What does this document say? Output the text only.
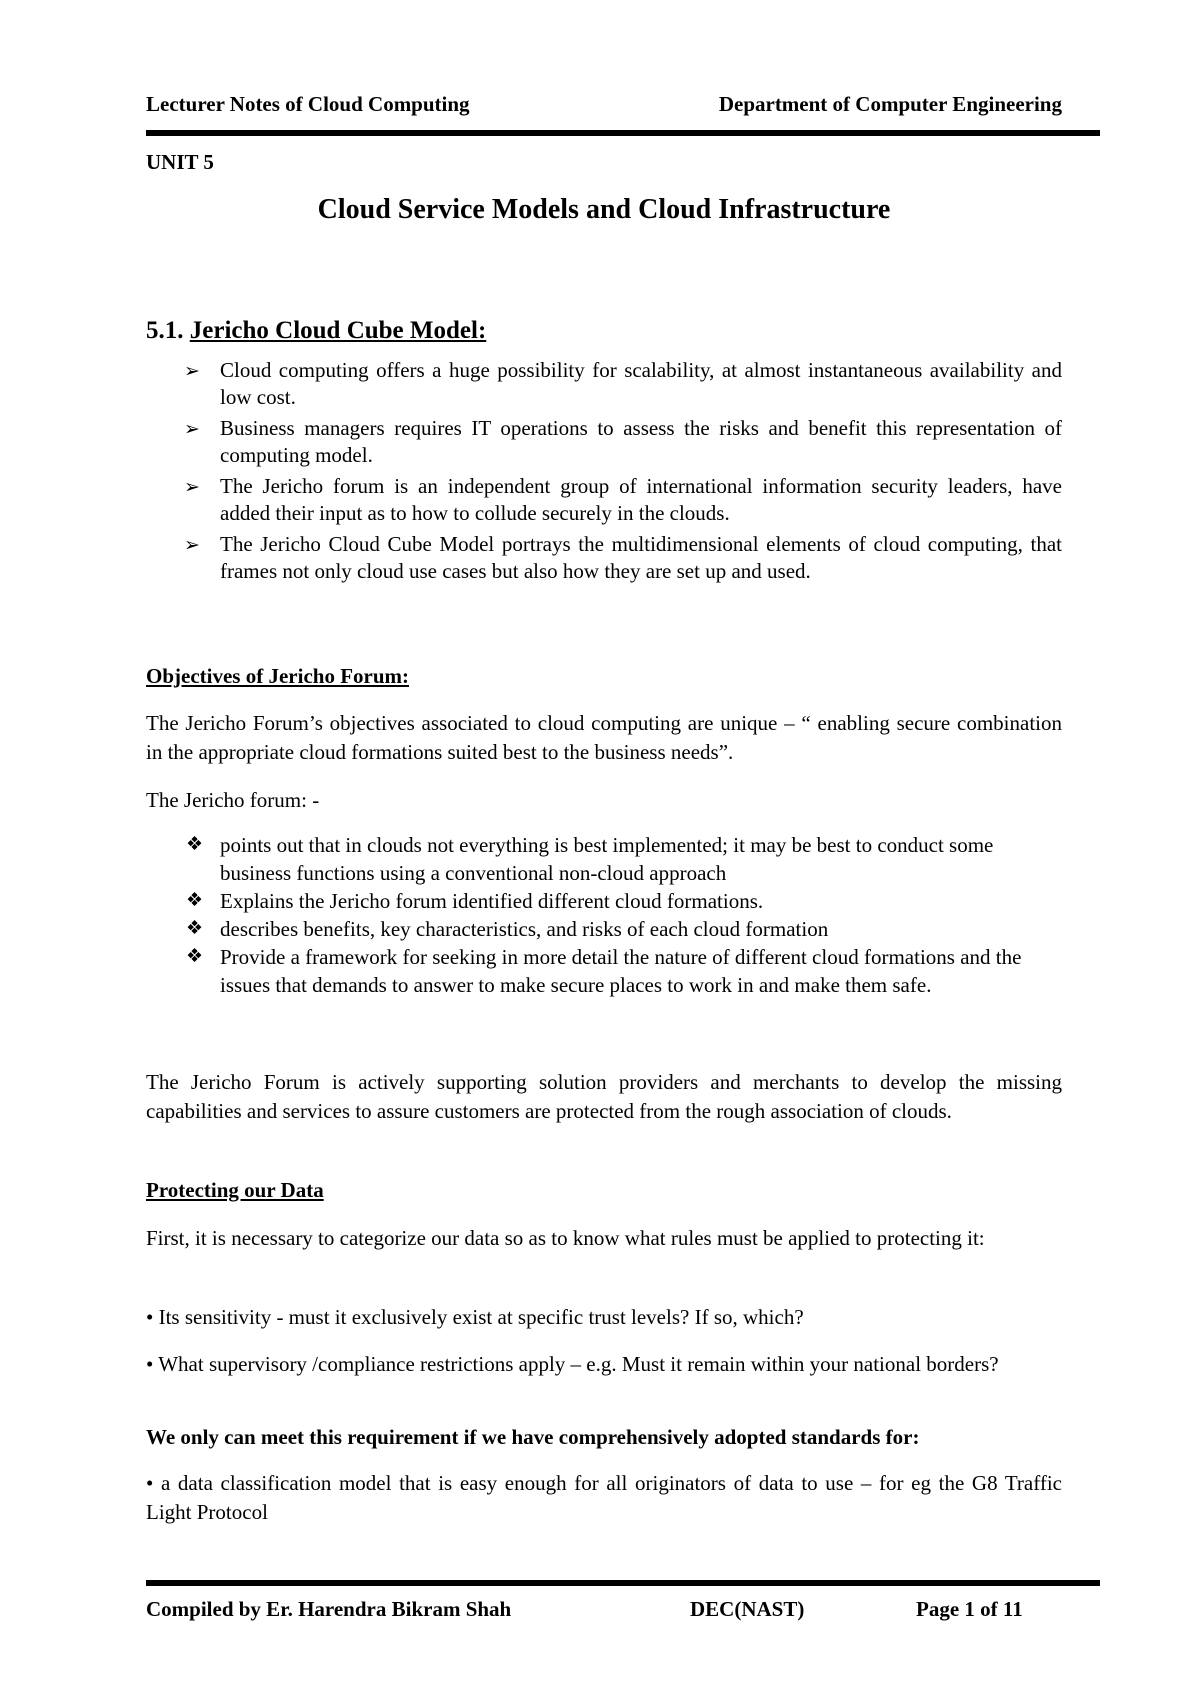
Lecturer Notes of Cloud Computing	Department of Computer Engineering
UNIT 5
Cloud Service Models and Cloud Infrastructure
5.1. Jericho Cloud Cube Model:
➢ Cloud computing offers a huge possibility for scalability, at almost instantaneous availability and low cost.
➢ Business managers requires IT operations to assess the risks and benefit this representation of computing model.
➢ The Jericho forum is an independent group of international information security leaders, have added their input as to how to collude securely in the clouds.
➢ The Jericho Cloud Cube Model portrays the multidimensional elements of cloud computing, that frames not only cloud use cases but also how they are set up and used.
Objectives of Jericho Forum:
The Jericho Forum’s objectives associated to cloud computing are unique – “ enabling secure combination in the appropriate cloud formations suited best to the business needs”.
The Jericho forum: -
❖ points out that in clouds not everything is best implemented; it may be best to conduct some business functions using a conventional non-cloud approach
❖ Explains the Jericho forum identified different cloud formations.
❖ describes benefits, key characteristics, and risks of each cloud formation
❖ Provide a framework for seeking in more detail the nature of different cloud formations and the issues that demands to answer to make secure places to work in and make them safe.
The Jericho Forum is actively supporting solution providers and merchants to develop the missing capabilities and services to assure customers are protected from the rough association of clouds.
Protecting our Data
First, it is necessary to categorize our data so as to know what rules must be applied to protecting it:
• Its sensitivity - must it exclusively exist at specific trust levels? If so, which?
• What supervisory /compliance restrictions apply – e.g. Must it remain within your national borders?
We only can meet this requirement if we have comprehensively adopted standards for:
• a data classification model that is easy enough for all originators of data to use – for eg the G8 Traffic Light Protocol
Compiled by Er. Harendra Bikram Shah	DEC(NAST)	Page 1 of 11
